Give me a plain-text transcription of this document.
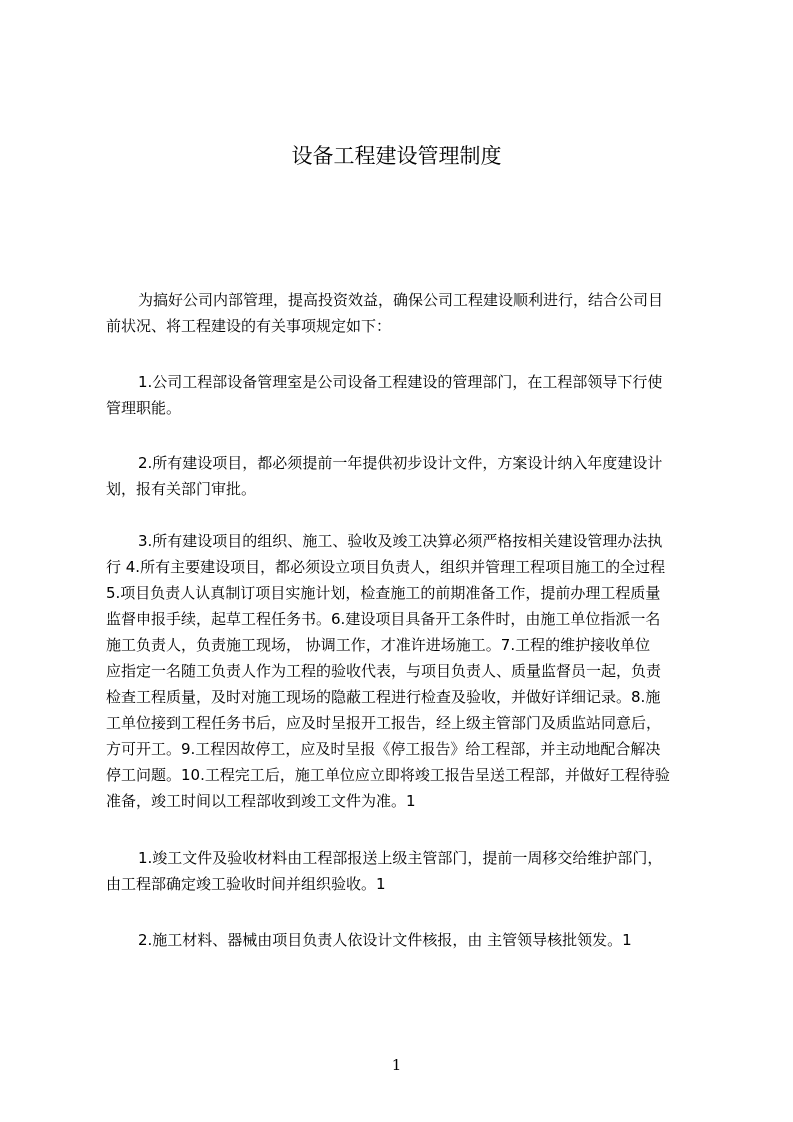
设备工程建设管理制度
为搞好公司内部管理，提高投资效益，确保公司工程建设顺利进行，结合公司目
前状况、将工程建设的有关事项规定如下：
1.公司工程部设备管理室是公司设备工程建设的管理部门，在工程部领导下行使
管理职能。
2.所有建设项目，都必须提前一年提供初步设计文件，方案设计纳入年度建设计
划，报有关部门审批。
3.所有建设项目的组织、施工、验收及竣工决算必须严格按相关建设管理办法执
行 4.所有主要建设项目，都必须设立项目负责人，组织并管理工程项目施工的全过程
5.项目负责人认真制订项目实施计划，检查施工的前期准备工作，提前办理工程质量
监督申报手续，起草工程任务书。6.建设项目具备开工条件时，由施工单位指派一名
施工负责人，负责施工现场， 协调工作，才准许进场施工。7.工程的维护接收单位
应指定一名随工负责人作为工程的验收代表，与项目负责人、质量监督员一起，负责
检查工程质量，及时对施工现场的隐蔽工程进行检查及验收，并做好详细记录。8.施
工单位接到工程任务书后，应及时呈报开工报告，经上级主管部门及质监站同意后，
方可开工。9.工程因故停工，应及时呈报《停工报告》给工程部，并主动地配合解决
停工问题。10.工程完工后，施工单位应立即将竣工报告呈送工程部，并做好工程待验
准备，竣工时间以工程部收到竣工文件为准。1
1.竣工文件及验收材料由工程部报送上级主管部门，提前一周移交给维护部门，
由工程部确定竣工验收时间并组织验收。1
2.施工材料、器械由项目负责人依设计文件核报，由 主管领导核批领发。1
1
